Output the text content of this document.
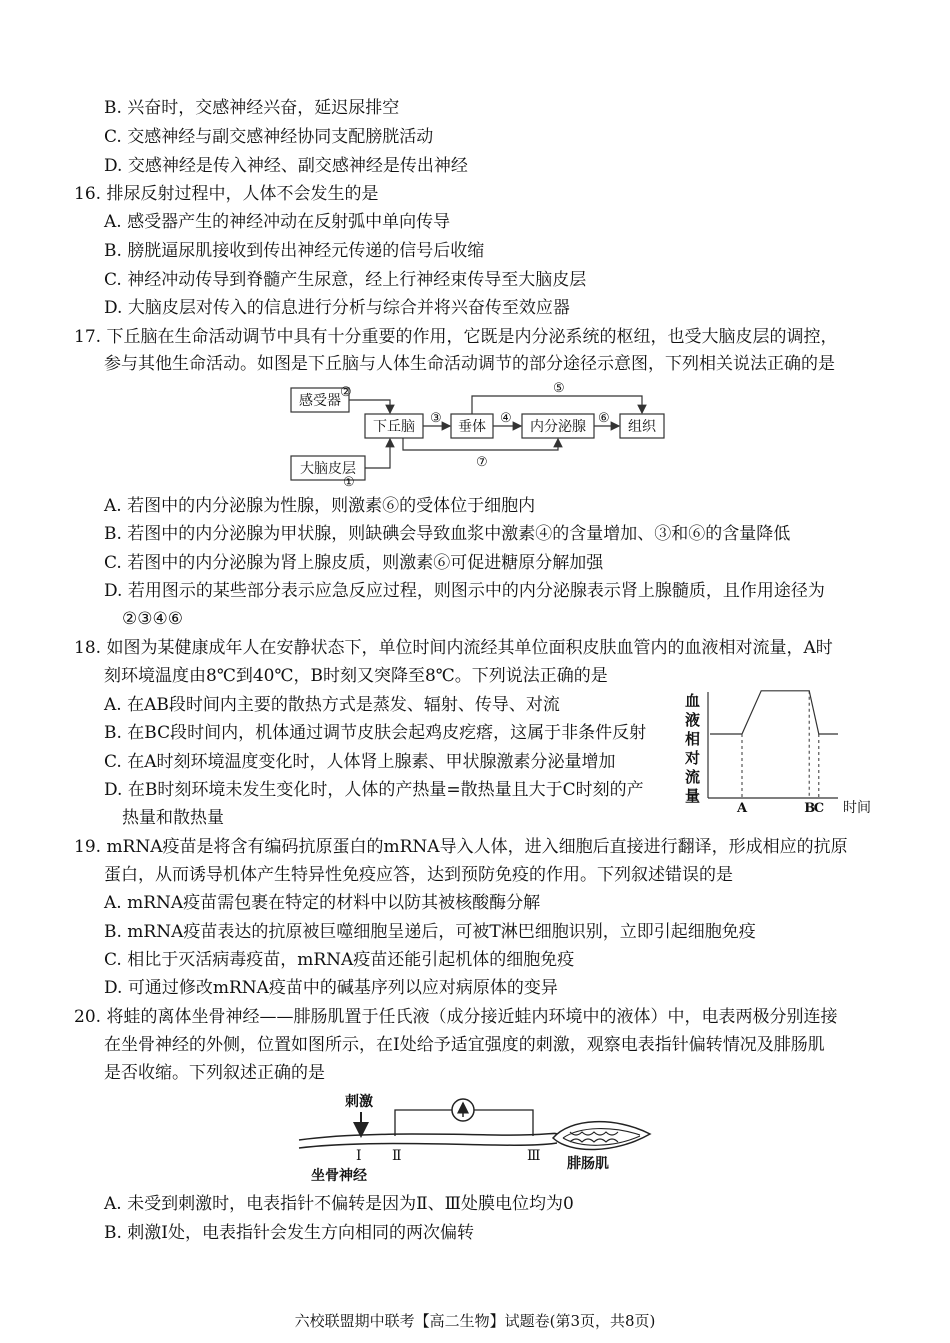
B. 兴奋时，交感神经兴奋，延迟尿排空
C. 交感神经与副交感神经协同支配膀胱活动
D. 交感神经是传入神经、副交感神经是传出神经
16. 排尿反射过程中，人体不会发生的是
A. 感受器产生的神经冲动在反射弧中单向传导
B. 膀胱逼尿肌接收到传出神经元传递的信号后收缩
C. 神经冲动传导到脊髓产生尿意，经上行神经束传导至大脑皮层
D. 大脑皮层对传入的信息进行分析与综合并将兴奋传至效应器
17. 下丘脑在生命活动调节中具有十分重要的作用，它既是内分泌系统的枢纽，也受大脑皮层的调控，
参与其他生命活动。如图是下丘脑与人体生命活动调节的部分途径示意图，下列相关说法正确的是
感受器
下丘脑	垂体	内分泌腺	组织
大脑皮层
②
①
③	④
⑤
⑥
⑦
A. 若图中的内分泌腺为性腺，则激素⑥的受体位于细胞内
B. 若图中的内分泌腺为甲状腺，则缺碘会导致血浆中激素④的含量增加、③和⑥的含量降低
C. 若图中的内分泌腺为肾上腺皮质，则激素⑥可促进糖原分解加强
D. 若用图示的某些部分表示应急反应过程，则图示中的内分泌腺表示肾上腺髓质，且作用途径为
②③④⑥
18. 如图为某健康成年人在安静状态下，单位时间内流经其单位面积皮肤血管内的血液相对流量，A时
刻环境温度由8℃到40℃，B时刻又突降至8℃。下列说法正确的是
A. 在AB段时间内主要的散热方式是蒸发、辐射、传导、对流
B. 在BC段时间内，机体通过调节皮肤会起鸡皮疙瘩，这属于非条件反射
C. 在A时刻环境温度变化时，人体肾上腺素、甲状腺激素分泌量增加
D. 在B时刻环境未发生变化时，人体的产热量=散热量且大于C时刻的产
热量和散热量
血
液
相
对
流
量
A	B
C 时间
19. mRNA疫苗是将含有编码抗原蛋白的mRNA导入人体，进入细胞后直接进行翻译，形成相应的抗原
蛋白，从而诱导机体产生特异性免疫应答，达到预防免疫的作用。下列叙述错误的是
A. mRNA疫苗需包裹在特定的材料中以防其被核酸酶分解
B. mRNA疫苗表达的抗原被巨噬细胞呈递后，可被T淋巴细胞识别，立即引起细胞免疫
C. 相比于灭活病毒疫苗，mRNA疫苗还能引起机体的细胞免疫
D. 可通过修改mRNA疫苗中的碱基序列以应对病原体的变异
20. 将蛙的离体坐骨神经——腓肠肌置于任氏液（成分接近蛙内环境中的液体）中，电表两极分别连接
在坐骨神经的外侧，位置如图所示，在Ⅰ处给予适宜强度的刺激，观察电表指针偏转情况及腓肠肌
是否收缩。下列叙述正确的是
刺激
Ⅰ Ⅱ	Ⅲ 腓肠肌
坐骨神经
A. 未受到刺激时，电表指针不偏转是因为Ⅱ、Ⅲ处膜电位均为0
B. 刺激Ⅰ处，电表指针会发生方向相同的两次偏转
六校联盟期中联考【高二生物】试题卷(第3页，共8页)
